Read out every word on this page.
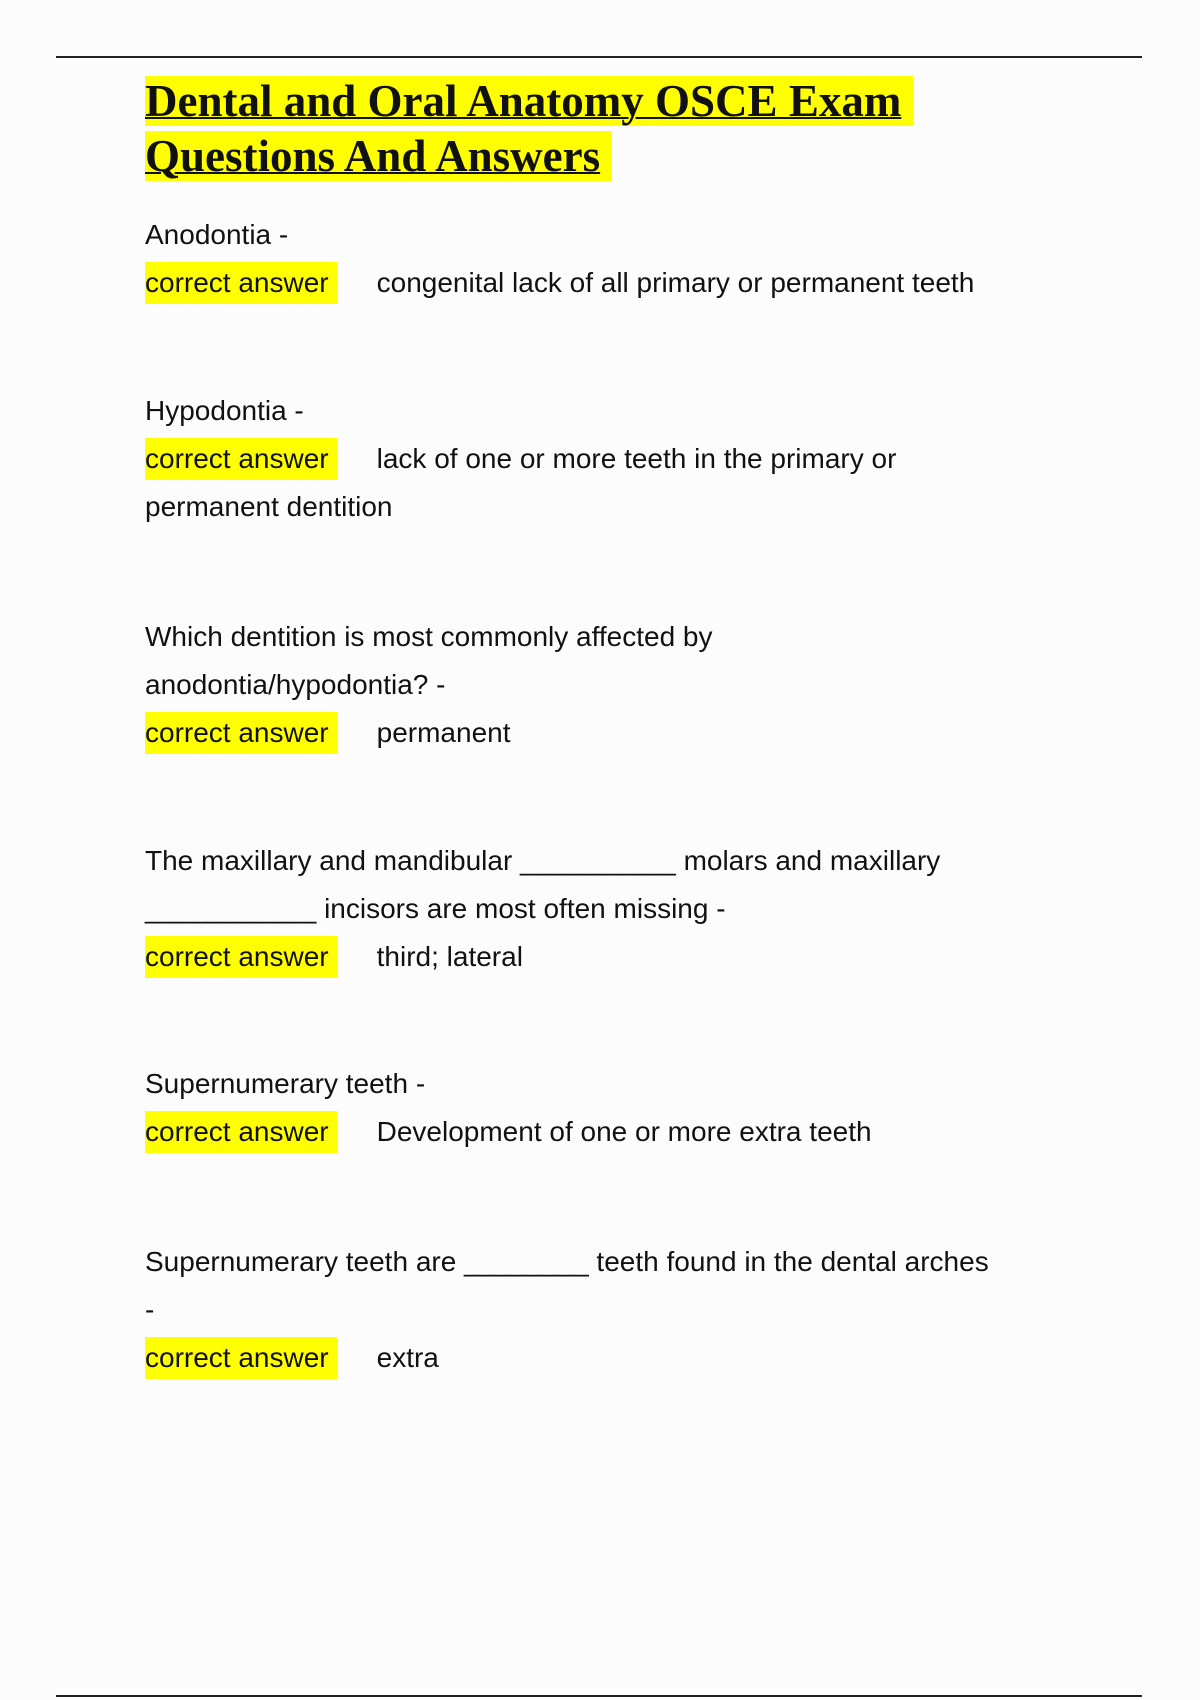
Dental and Oral Anatomy OSCE Exam
Questions And Answers
Anodontia -
correct answer congenital lack of all primary or permanent teeth
Hypodontia -
correct answer lack of one or more teeth in the primary or
permanent dentition
Which dentition is most commonly affected by
anodontia/hypodontia? -
correct answer permanent
The maxillary and mandibular __________ molars and maxillary
___________ incisors are most often missing -
correct answer third; lateral
Supernumerary teeth -
correct answer Development of one or more extra teeth
Supernumerary teeth are ________ teeth found in the dental arches
-
correct answer extra
